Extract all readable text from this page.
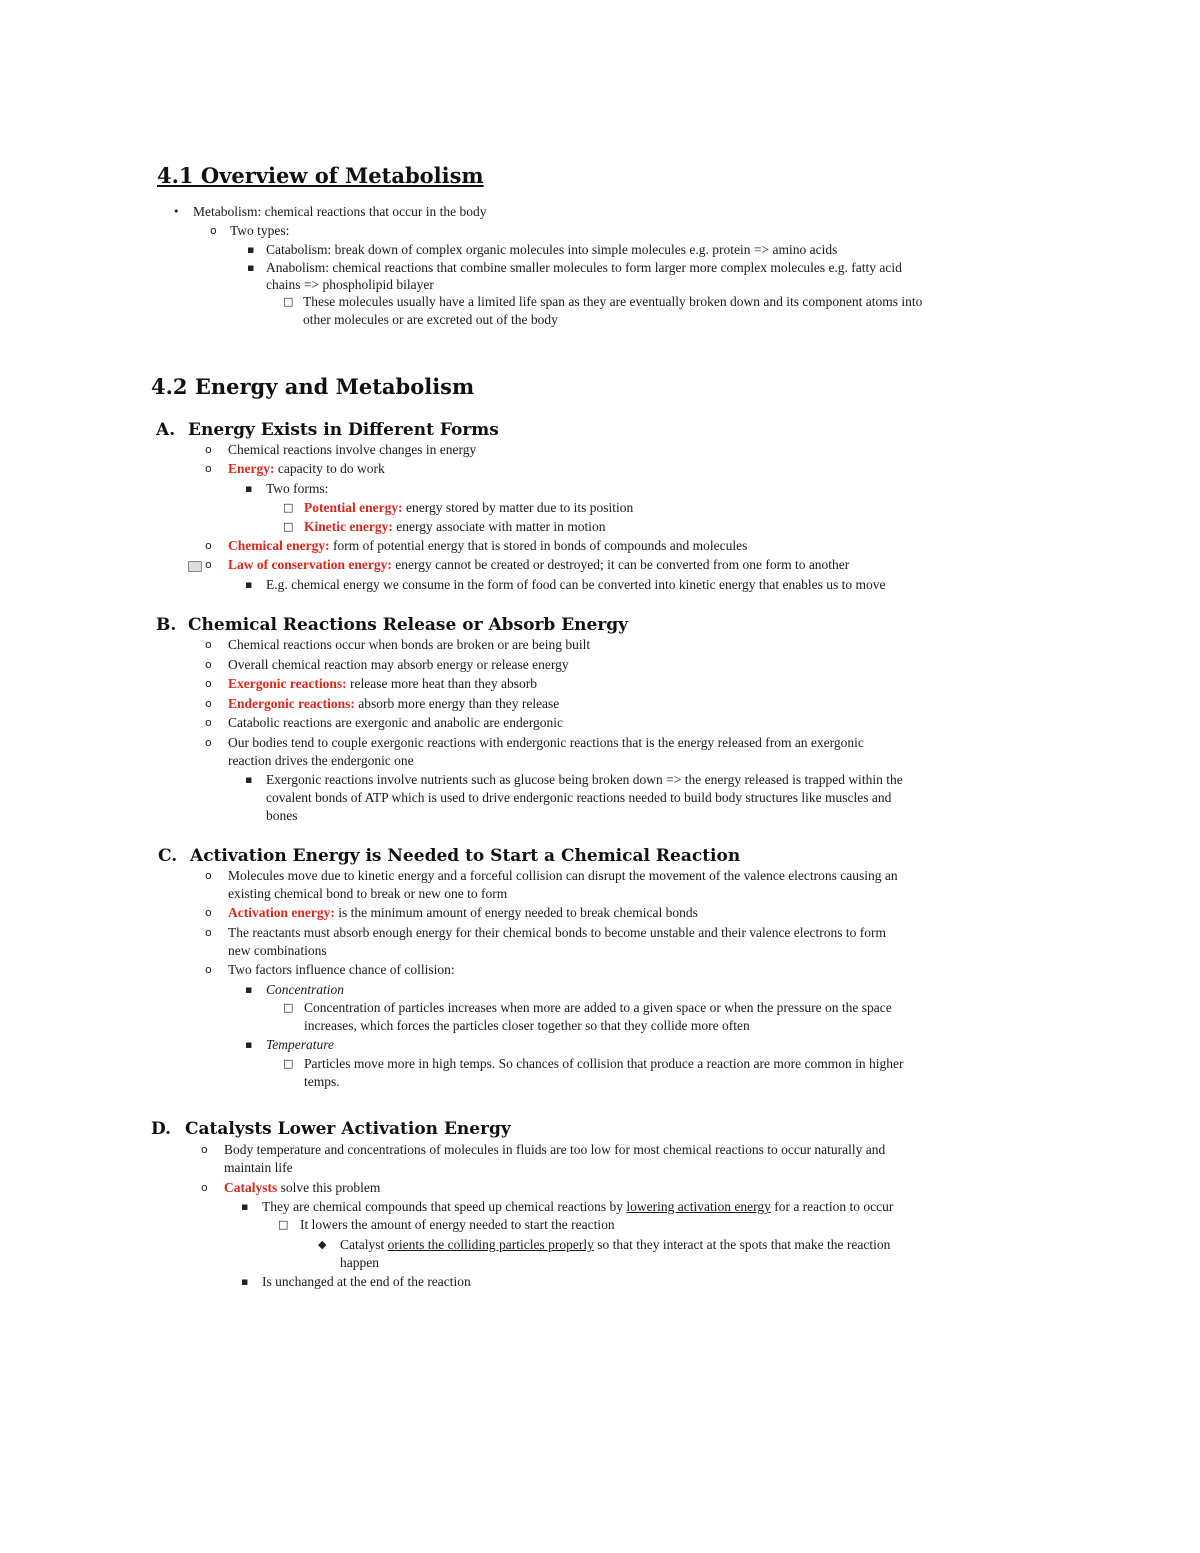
4.1 Overview of Metabolism
• Metabolism: chemical reactions that occur in the body
o Two types:
▪ Catabolism: break down of complex organic molecules into simple molecules e.g. protein => amino acids
▪ Anabolism: chemical reactions that combine smaller molecules to form larger more complex molecules e.g. fatty acid
chains => phospholipid bilayer
□ These molecules usually have a limited life span as they are eventually broken down and its component atoms into
other molecules or are excreted out of the body
4.2 Energy and Metabolism
A. Energy Exists in Different Forms
o Chemical reactions involve changes in energy
o Energy: capacity to do work
▪ Two forms:
□ Potential energy: energy stored by matter due to its position
□ Kinetic energy: energy associate with matter in motion
o Chemical energy: form of potential energy that is stored in bonds of compounds and molecules
o Law of conservation energy: energy cannot be created or destroyed; it can be converted from one form to another
▪ E.g. chemical energy we consume in the form of food can be converted into kinetic energy that enables us to move
B. Chemical Reactions Release or Absorb Energy
o Chemical reactions occur when bonds are broken or are being built
o Overall chemical reaction may absorb energy or release energy
o Exergonic reactions: release more heat than they absorb
o Endergonic reactions: absorb more energy than they release
o Catabolic reactions are exergonic and anabolic are endergonic
o Our bodies tend to couple exergonic reactions with endergonic reactions that is the energy released from an exergonic
reaction drives the endergonic one
▪ Exergonic reactions involve nutrients such as glucose being broken down => the energy released is trapped within the
covalent bonds of ATP which is used to drive endergonic reactions needed to build body structures like muscles and
bones
C. Activation Energy is Needed to Start a Chemical Reaction
o Molecules move due to kinetic energy and a forceful collision can disrupt the movement of the valence electrons causing an
existing chemical bond to break or new one to form
o Activation energy: is the minimum amount of energy needed to break chemical bonds
o The reactants must absorb enough energy for their chemical bonds to become unstable and their valence electrons to form
new combinations
o Two factors influence chance of collision:
▪ Concentration
□ Concentration of particles increases when more are added to a given space or when the pressure on the space
increases, which forces the particles closer together so that they collide more often
▪ Temperature
□ Particles move more in high temps. So chances of collision that produce a reaction are more common in higher
temps.
D. Catalysts Lower Activation Energy
o Body temperature and concentrations of molecules in fluids are too low for most chemical reactions to occur naturally and
maintain life
o Catalysts solve this problem
▪ They are chemical compounds that speed up chemical reactions by lowering activation energy for a reaction to occur
□ It lowers the amount of energy needed to start the reaction
◆ Catalyst orients the colliding particles properly so that they interact at the spots that make the reaction
happen
▪ Is unchanged at the end of the reaction
